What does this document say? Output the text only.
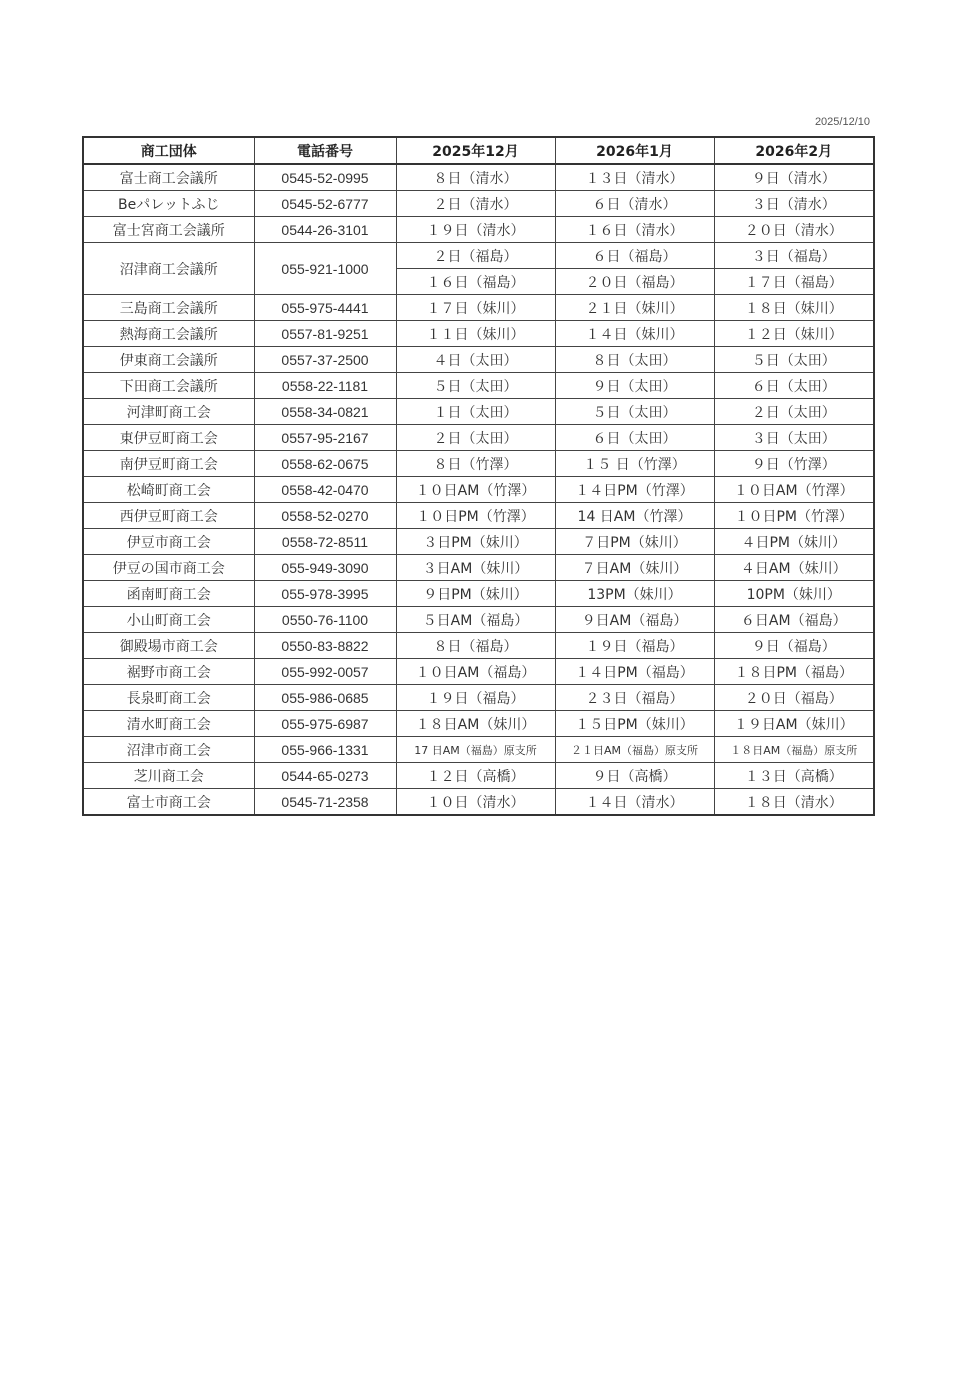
2025/12/10
商工団体	電話番号	2025年12月	2026年1月	2026年2月
富士商工会議所	0545-52-0995	８日（清水）	１３日（清水）	９日（清水）
Beパレットふじ	0545-52-6777	２日（清水）	６日（清水）	３日（清水）
富士宮商工会議所	0544-26-3101	１９日（清水）	１６日（清水）	２０日（清水）
沼津商工会議所	055-921-1000	２日（福島）	６日（福島）	３日（福島）
		１６日（福島）	２０日（福島）	１７日（福島）
三島商工会議所	055-975-4441	１７日（妹川）	２１日（妹川）	１８日（妹川）
熱海商工会議所	0557-81-9251	１１日（妹川）	１４日（妹川）	１２日（妹川）
伊東商工会議所	0557-37-2500	４日（太田）	８日（太田）	５日（太田）
下田商工会議所	0558-22-1181	５日（太田）	９日（太田）	６日（太田）
河津町商工会	0558-34-0821	１日（太田）	５日（太田）	２日（太田）
東伊豆町商工会	0557-95-2167	２日（太田）	６日（太田）	３日（太田）
南伊豆町商工会	0558-62-0675	８日（竹澤）	１５ 日（竹澤）	９日（竹澤）
松崎町商工会	0558-42-0470	１０日AM（竹澤）	１４日PM（竹澤）	１０日AM（竹澤）
西伊豆町商工会	0558-52-0270	１０日PM（竹澤）	14 日AM（竹澤）	１０日PM（竹澤）
伊豆市商工会	0558-72-8511	３日PM（妹川）	７日PM（妹川）	４日PM（妹川）
伊豆の国市商工会	055-949-3090	３日AM（妹川）	７日AM（妹川）	４日AM（妹川）
函南町商工会	055-978-3995	９日PM（妹川）	13PM（妹川）	10PM（妹川）
小山町商工会	0550-76-1100	５日AM（福島）	９日AM（福島）	６日AM（福島）
御殿場市商工会	0550-83-8822	８日（福島）	１９日（福島）	９日（福島）
裾野市商工会	055-992-0057	１０日AM（福島）	１４日PM（福島）	１８日PM（福島）
長泉町商工会	055-986-0685	１９日（福島）	２３日（福島）	２０日（福島）
清水町商工会	055-975-6987	１８日AM（妹川）	１５日PM（妹川）	１９日AM（妹川）
沼津市商工会	055-966-1331	17 日AM（福島）原支所	２１日AM（福島）原支所	１８日AM（福島）原支所
芝川商工会	0544-65-0273	１２日（高橋）	９日（高橋）	１３日（高橋）
富士市商工会	0545-71-2358	１０日（清水）	１４日（清水）	１８日（清水）
